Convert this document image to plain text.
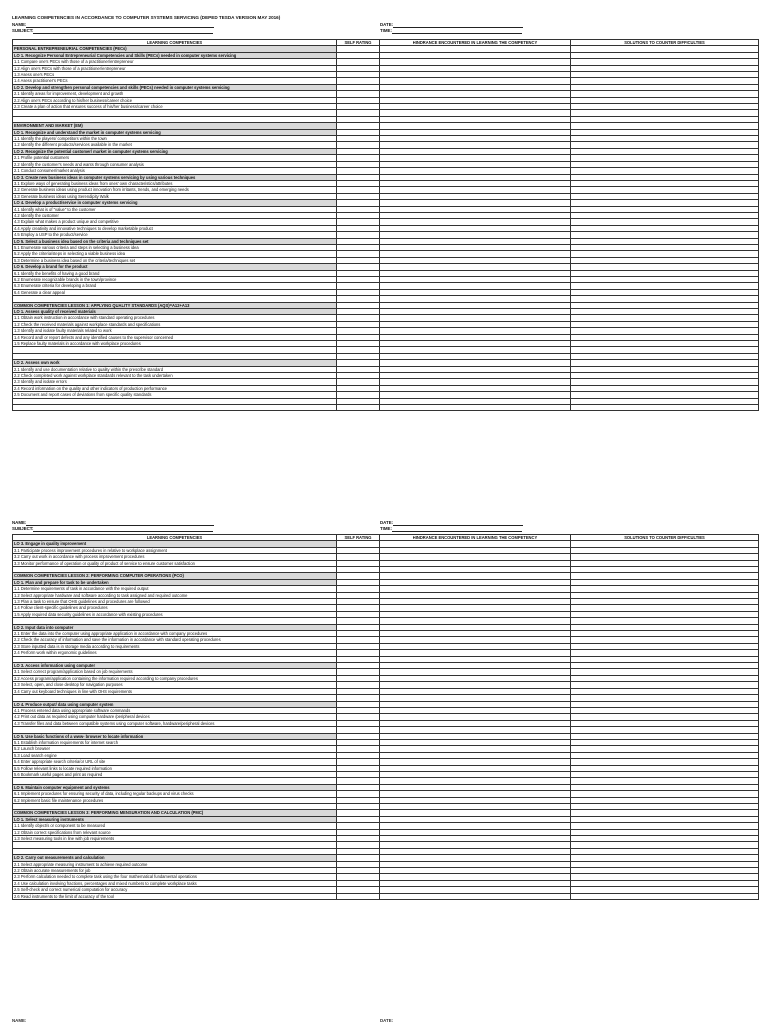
LEARNING COMPETENCIES IN ACCORDANCE TO COMPUTER SYSTEMS SERVICING (DEPED TESDA VERSION MAY 2016)
NAME:
SUBJECT:
DATE:
TIME:
LEARNING COMPETENCIES	SELF RATING	HINDRANCE ENCOUNTERED IN LEARNING THE COMPETENCY	SOLUTIONS TO COUNTER DIFFICULTIES
PERSONAL ENTREPRENEURIAL COMPETENCIES (PECs)			
LO 1. Recognize Personal Entrepreneurial Competencies and Skills (PECs) needed in computer systems servicing			
1.1 Compare one's PECs with those of a practitioner/entrepreneur			
1.2 Align one's PECs with those of a practitioner/entrepreneur			
1.3 Asess one's PECs			
1.4 Asess practitioner's PECs			
LO 2. Develop and strengthen personal competencies and skills (PECs) needed in computer systems servicing			
2.1 Identify areas for improvement, development and growth			
2.2 Align one's PECs according to his/her business/career choice			
2.3 Create a plan of action that ensures success of his/her business/career choice			

ENVIRONMENT AND MARKET (EM)			
LO 1. Recognize and understand the market in computer systems servicing			
1.1 Identify the players/ competitors within the town			
1.2 Identify the different products/services available in the market			
LO 2. Recognize the potential customer/ market in computer systems servicing			
2.1 Profile potential customers			
2.2 Identify the customer's needs and wants through consumer analysis			
2.1 Conduct consumer/market analysis			
LO 3. Create new business ideas in computer systems servicing by using various techniques			
3.1 Explore ways of generating business ideas from ones' own characteristics/attributes			
3.2 Generate business ideas using product innovation from irritants, trends, and emerging needs			
3.3 Generate business ideas using Serendipity Walk			
LO 4. Develop a product/service in computer systems servicing			
4.1 Identify what is of "value" to the customer			
4.2 Identify the customer			
4.3 Explain what makes a product unique and competitive			
4.4 Apply creativity and innovative techniques to develop marketable product			
4.5 Employ a USP to the product/service			
LO 5. Select a business idea based on the criteria and techniques set			
5.1 Enumerate various criteria and steps in selecting a business idea			
5.2 Apply the criteria/steps in selecting a viable business idea			
5.3 Determine a business idea based on the criteria/techniques set			
LO 6. Develop a brand for the product			
6.1 Identify the benefits of having a good brand			
6.2 Enumerate recognizable brands in the town/province			
6.3 Enumerate criteria for developing a brand			
6.4 Generate a clear appeal			

COMMON COMPETENCIES LESSON 1: APPLYING QUALITY STANDARDS (AQS)=A12+A13			
LO 1. Assess quality of received materials			
1.1 Obtain work instruction in accordance with standard operating procedures			
1.2 Check the received materials against workplace standards and specifications			
1.3 Identify and isolate faulty materials related to work			
1.4 Record and/ or report defects and any identified causes to the supervisor concerned			
1.5 Replace faulty materials in accordance with workplace procedures			

LO 2. Assess own work			
2.1 Identify and use documentation relative to quality within the prescribe standard			
2.2 Check completed work against workplace standards relevant to the task undertaken			
2.3 Identify and isolate errors			
2.4 Record information on the quality and other indicators of production performance			
2.5 Document and report cases of deviations from specific quality standards			

NAME:
SUBJECT:
DATE:
TIME:
LEARNING COMPETENCIES	SELF RATING	HINDRANCE ENCOUNTERED IN LEARNING THE COMPETENCY	SOLUTIONS TO COUNTER DIFFICULTIES
LO 3. Engage in quality improvement			
3.1 Participate process improvement procedures in relative to workplace assignment			
3.2 Carry out work in accordance with process improvement procedures			
3.3 Monitor performance of operation or quality of product of service to ensure customer satisfaction			

COMMON COMPETENCIES LESSON 2: PERFORMING COMPUTER OPERATIONS (PCO)			
LO 1. Plan and prepare for task to be undertaken			
1.1 Determine requirements of task in accordance with the required output			
1.2 Select appropriate hardware and software according to task assigned and required outcome			
1.3 Plan a task to ensure that OHS guidelines and procedures are followed			
1.4 Follow client-specific guidelines and procedures			
1.5 Apply required data security guidelines in accordance with existing procedures			

LO 2. Input data into computer			
2.1 Enter the data into the computer using appropriate application in accordance with company procedures			
2.2 Check the accuracy of information and save the information in accordance with standard operating procedures			
2.3 Store inputted data is in storage media according to requirements			
2.4 Perform work within ergonomic guidelines			

LO 3. Access information using computer			
3.1 Select correct program/application based on job requirements			
3.2 Access program/application containing the information required according to company procedures			
3.3 Select, open, and close desktop for navigation purposes			
3.4 Carry out keyboard techniques in line with OHS requirements			

LO 4. Produce output/ data using computer system			
4.1 Process entered data using appropriate software commands			
4.2 Print out data as required using computer hardware /peripheral devices			
4.3 Transfer files and data between compatible systems using computer software, hardware/peripheral devices			

LO 5. Use basic functions of a www- browser to locate information			
5.1 Establish information requirements for internet search			
5.2 Launch browser			
5.3 Load search engine			
5.4 Enter appropriate search criteria/or URL of site			
5.5 Follow relevant links to locate required information			
5.6 Bookmark useful pages and print as required			

LO 6. Maintain computer equipment and systems			
6.1 Implement procedures for ensuring security of data, including regular backups and virus checks			
6.2 Implement basic file maintenance procedures			

COMMON COMPETENCIES LESSON 3: PERFORMING MENSURATION AND CALCULATION (PMC)			
LO 1. Select measuring instruments			
1.1 Identify object/s or component to be measured			
1.2 Obtain correct specifications from relevant source			
1.3 Select measuring tools in line with job requirements			

LO 2. Carry out measurements and calculation			
2.1 Select appropriate measuring instrument to achieve required outcome			
2.2 Obtain accurate measurements for job			
2.3 Perform calculation needed to complete task using the four mathematical fundamental operations			
2.4 Use calculation involving fractions, percentages and mixed numbers to complete workplace tasks			
2.5 Self-check and correct numerical computation for accuracy			
2.6 Read instruments to the limit of accuracy of the tool			
NAME:	DATE:
